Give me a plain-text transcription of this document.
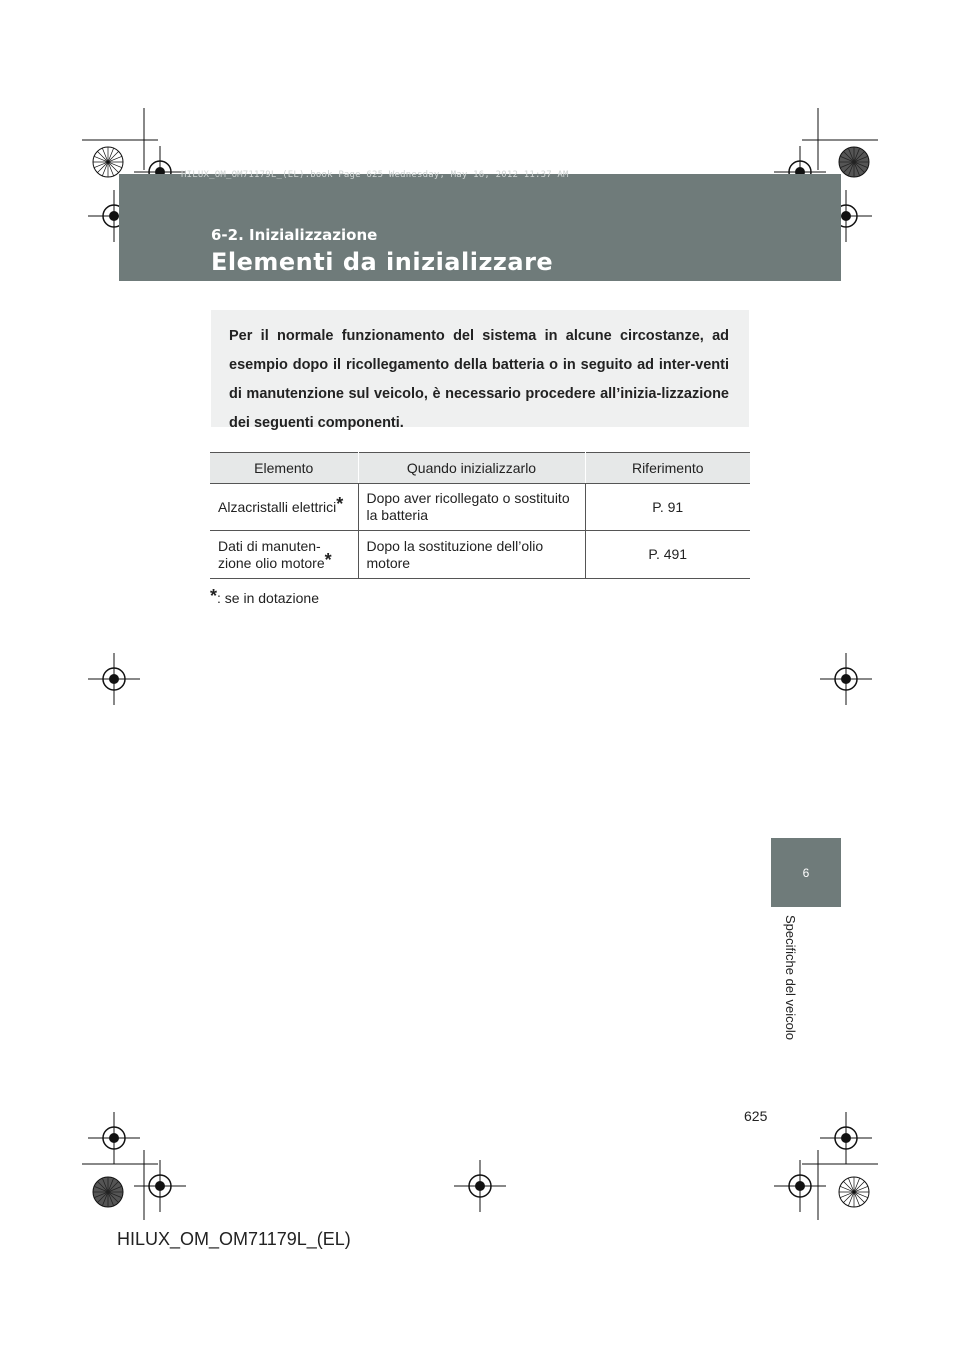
HILUX_OM_OM71179L_(EL).book Page 625 Wednesday, May 16, 2012 11:37 AM
6-2. Inizializzazione
Elementi da inizializzare

Per il normale funzionamento del sistema in alcune circostanze, ad esempio dopo il ricollegamento della batteria o in seguito ad inter-venti di manutenzione sul veicolo, è necessario procedere all’inizia-lizzazione dei seguenti componenti.

Elemento	Quando inizializzarlo	Riferimento
Alzacristalli elettrici*	Dopo aver ricollegato o sostituito la batteria	P. 91
Dati di manuten-zione olio motore*	Dopo la sostituzione dell’olio motore	P. 491
*: se in dotazione
6
Specifiche del veicolo
625
HILUX_OM_OM71179L_(EL)
